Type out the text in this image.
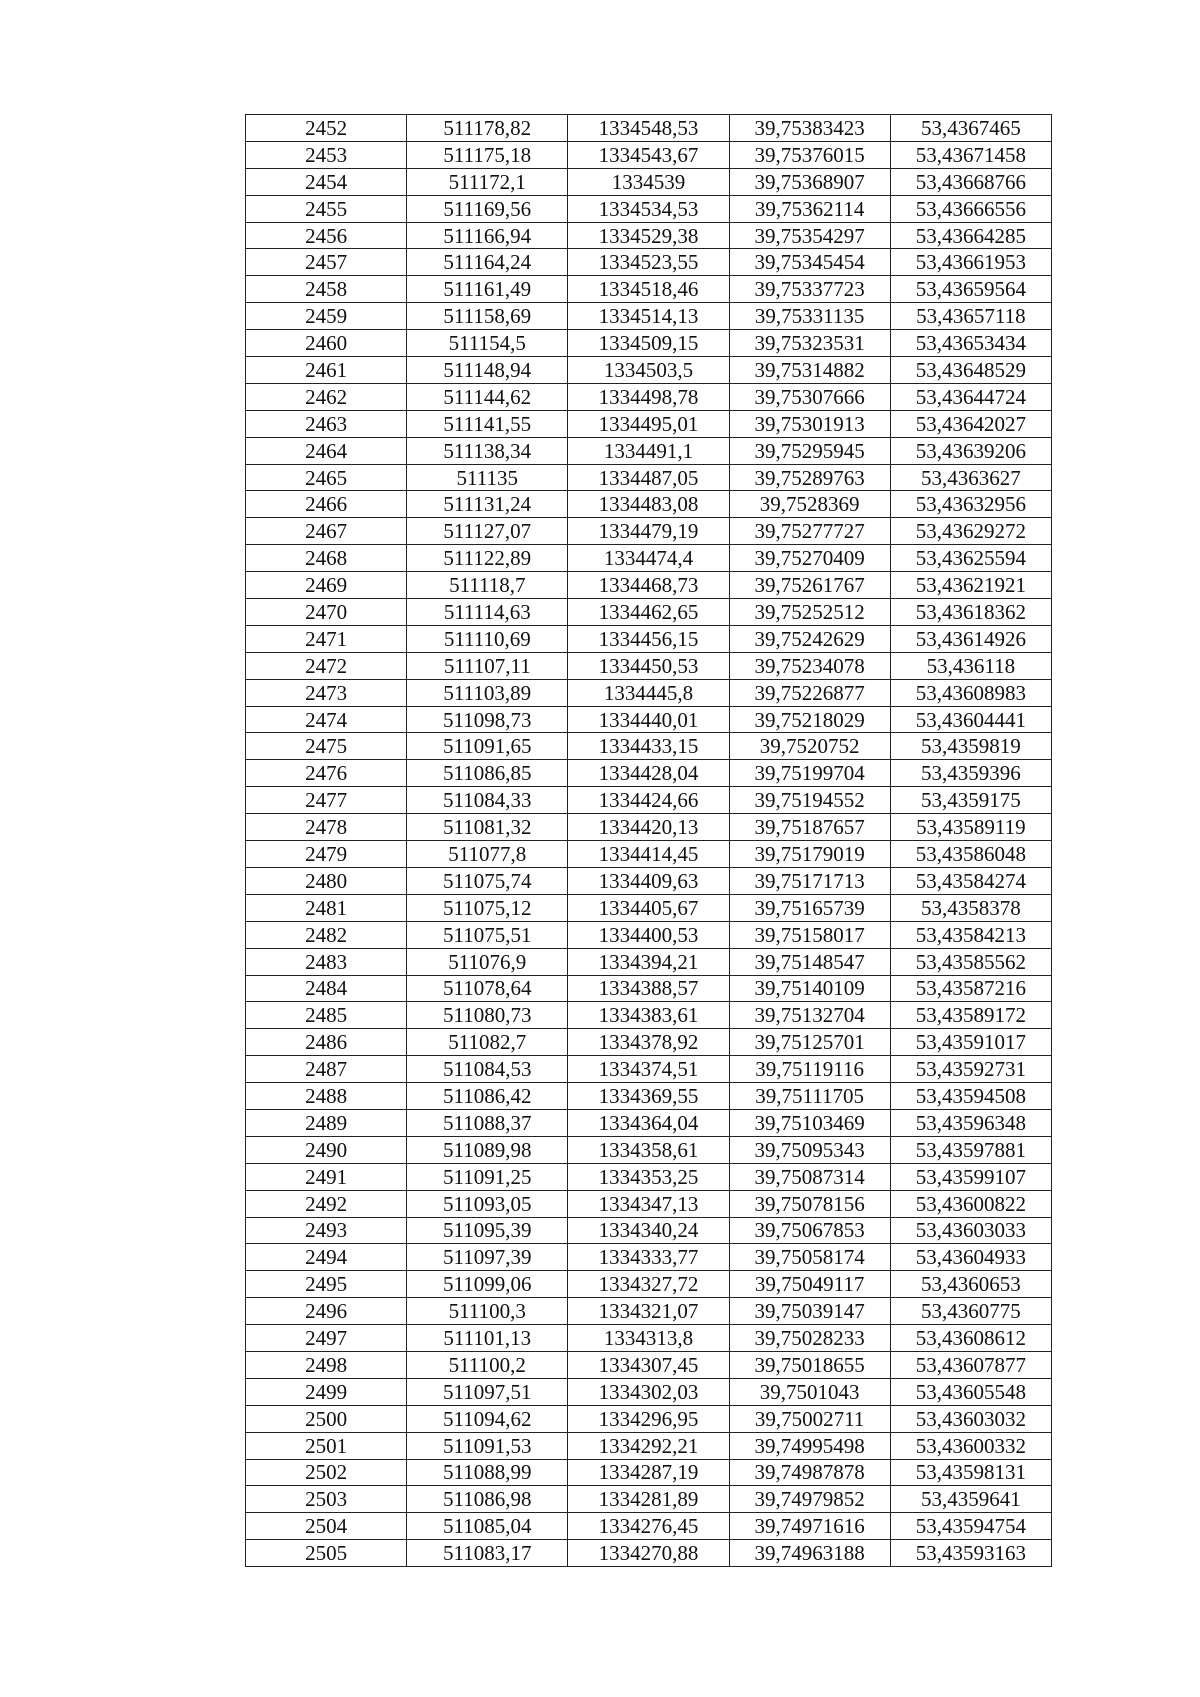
2452	511178,82	1334548,53	39,75383423	53,4367465
2453	511175,18	1334543,67	39,75376015	53,43671458
2454	511172,1	1334539	39,75368907	53,43668766
2455	511169,56	1334534,53	39,75362114	53,43666556
2456	511166,94	1334529,38	39,75354297	53,43664285
2457	511164,24	1334523,55	39,75345454	53,43661953
2458	511161,49	1334518,46	39,75337723	53,43659564
2459	511158,69	1334514,13	39,75331135	53,43657118
2460	511154,5	1334509,15	39,75323531	53,43653434
2461	511148,94	1334503,5	39,75314882	53,43648529
2462	511144,62	1334498,78	39,75307666	53,43644724
2463	511141,55	1334495,01	39,75301913	53,43642027
2464	511138,34	1334491,1	39,75295945	53,43639206
2465	511135	1334487,05	39,75289763	53,4363627
2466	511131,24	1334483,08	39,7528369	53,43632956
2467	511127,07	1334479,19	39,75277727	53,43629272
2468	511122,89	1334474,4	39,75270409	53,43625594
2469	511118,7	1334468,73	39,75261767	53,43621921
2470	511114,63	1334462,65	39,75252512	53,43618362
2471	511110,69	1334456,15	39,75242629	53,43614926
2472	511107,11	1334450,53	39,75234078	53,436118
2473	511103,89	1334445,8	39,75226877	53,43608983
2474	511098,73	1334440,01	39,75218029	53,43604441
2475	511091,65	1334433,15	39,7520752	53,4359819
2476	511086,85	1334428,04	39,75199704	53,4359396
2477	511084,33	1334424,66	39,75194552	53,4359175
2478	511081,32	1334420,13	39,75187657	53,43589119
2479	511077,8	1334414,45	39,75179019	53,43586048
2480	511075,74	1334409,63	39,75171713	53,43584274
2481	511075,12	1334405,67	39,75165739	53,4358378
2482	511075,51	1334400,53	39,75158017	53,43584213
2483	511076,9	1334394,21	39,75148547	53,43585562
2484	511078,64	1334388,57	39,75140109	53,43587216
2485	511080,73	1334383,61	39,75132704	53,43589172
2486	511082,7	1334378,92	39,75125701	53,43591017
2487	511084,53	1334374,51	39,75119116	53,43592731
2488	511086,42	1334369,55	39,75111705	53,43594508
2489	511088,37	1334364,04	39,75103469	53,43596348
2490	511089,98	1334358,61	39,75095343	53,43597881
2491	511091,25	1334353,25	39,75087314	53,43599107
2492	511093,05	1334347,13	39,75078156	53,43600822
2493	511095,39	1334340,24	39,75067853	53,43603033
2494	511097,39	1334333,77	39,75058174	53,43604933
2495	511099,06	1334327,72	39,75049117	53,4360653
2496	511100,3	1334321,07	39,75039147	53,4360775
2497	511101,13	1334313,8	39,75028233	53,43608612
2498	511100,2	1334307,45	39,75018655	53,43607877
2499	511097,51	1334302,03	39,7501043	53,43605548
2500	511094,62	1334296,95	39,75002711	53,43603032
2501	511091,53	1334292,21	39,74995498	53,43600332
2502	511088,99	1334287,19	39,74987878	53,43598131
2503	511086,98	1334281,89	39,74979852	53,4359641
2504	511085,04	1334276,45	39,74971616	53,43594754
2505	511083,17	1334270,88	39,74963188	53,43593163
